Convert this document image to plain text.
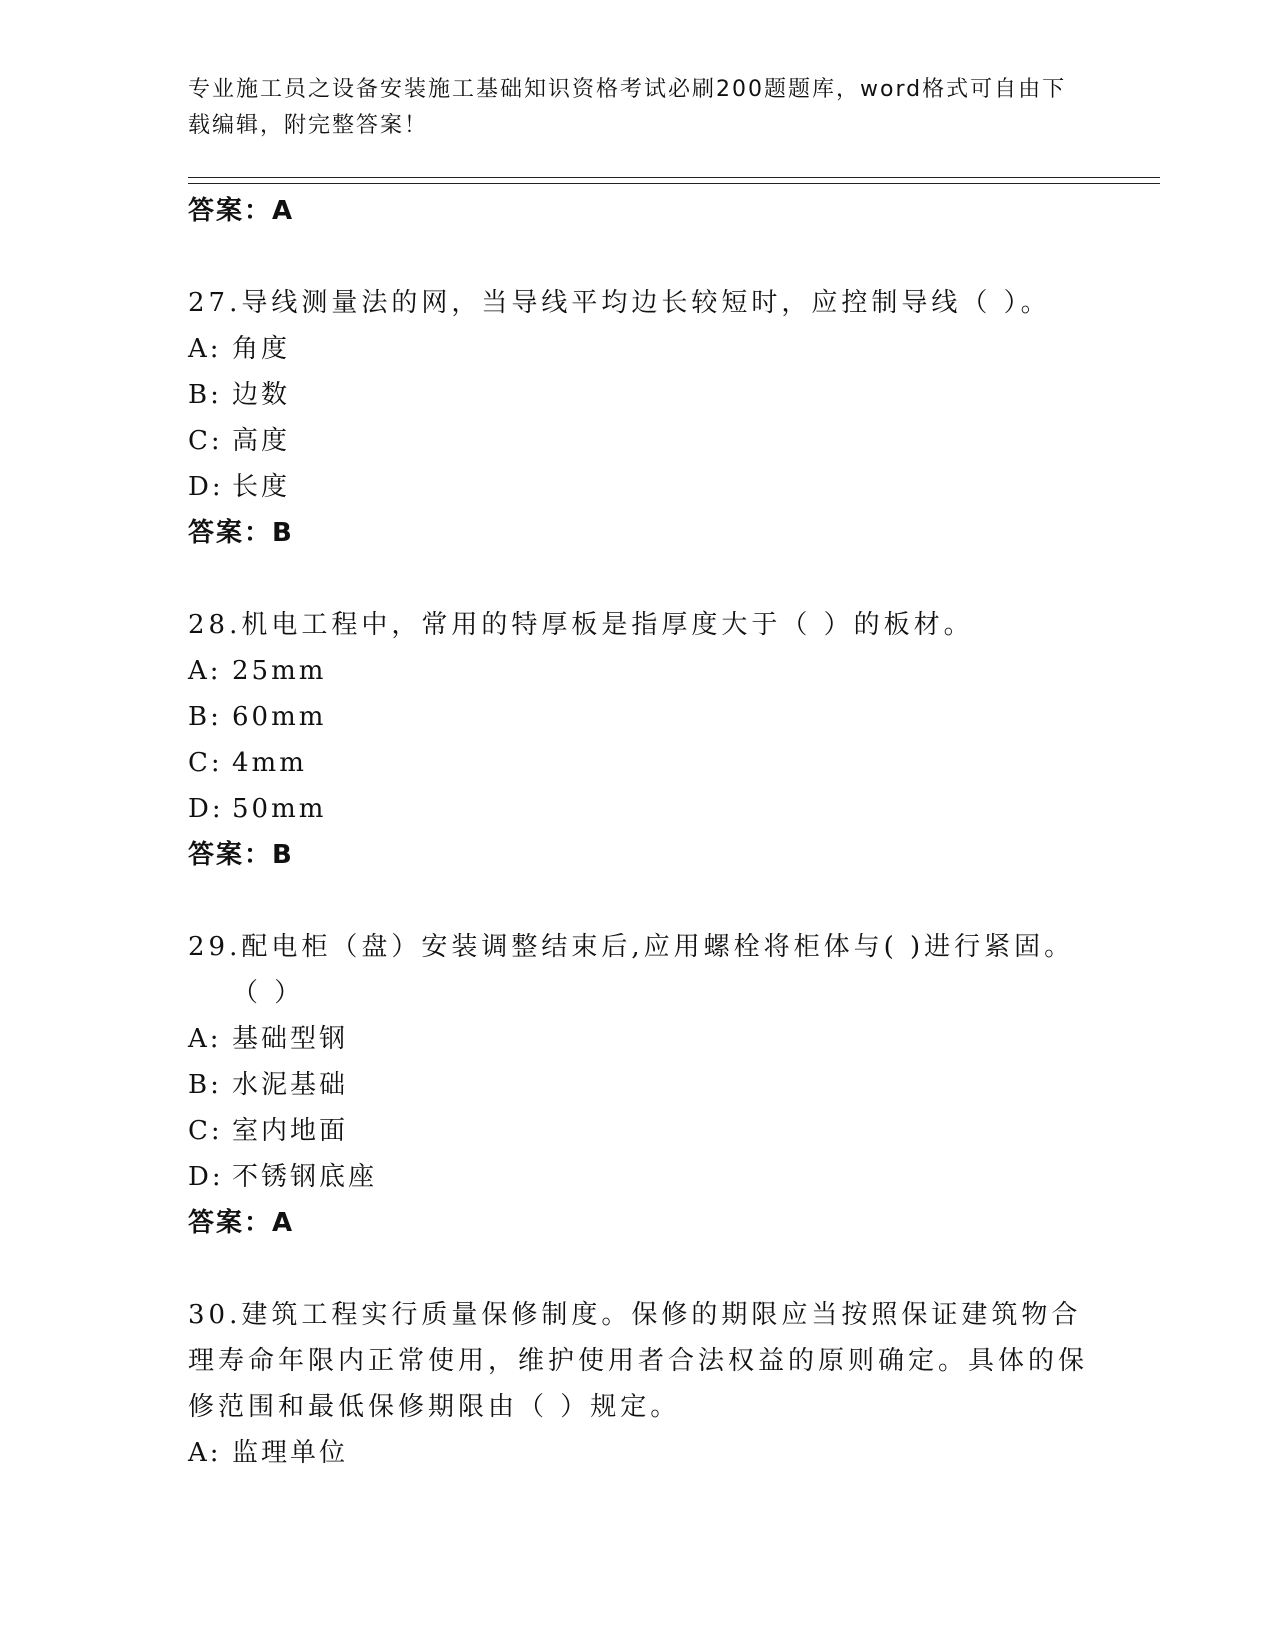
专业施工员之设备安装施工基础知识资格考试必刷200题题库，word格式可自由下载编辑，附完整答案！
答案：A
27.导线测量法的网，当导线平均边长较短时，应控制导线（ ）。
A: 角度
B: 边数
C: 高度
D: 长度
答案：B
28.机电工程中，常用的特厚板是指厚度大于（ ）的板材。
A: 25mm
B: 60mm
C: 4mm
D: 50mm
答案：B
29.配电柜（盘）安装调整结束后,应用螺栓将柜体与( )进行紧固。（ ）
A: 基础型钢
B: 水泥基础
C: 室内地面
D: 不锈钢底座
答案：A
30.建筑工程实行质量保修制度。保修的期限应当按照保证建筑物合理寿命年限内正常使用，维护使用者合法权益的原则确定。具体的保修范围和最低保修期限由（ ）规定。
A: 监理单位
